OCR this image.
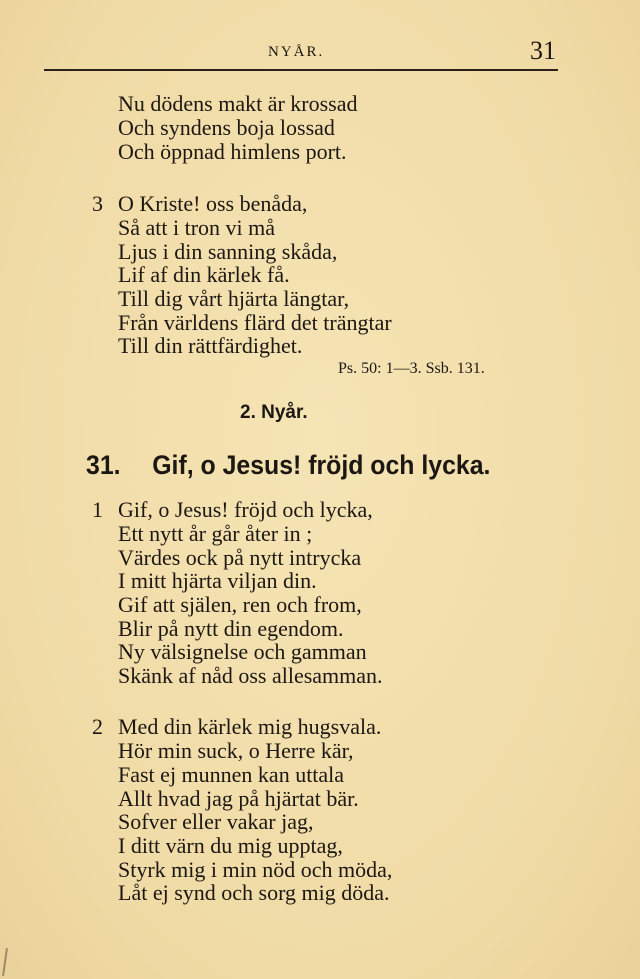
NYÅR.	31
Nu dödens makt är krossad
Och syndens boja lossad
Och öppnad himlens port.
3 O Kriste! oss benåda,
Så att i tron vi må
Ljus i din sanning skåda,
Lif af din kärlek få.
Till dig vårt hjärta längtar,
Från världens flärd det trängtar
Till din rättfärdighet.
Ps. 50: 1—3. Ssb. 131.
2. Nyår.
31. Gif, o Jesus! fröjd och lycka.
1 Gif, o Jesus! fröjd och lycka,
Ett nytt år går åter in ;
Värdes ock på nytt intrycka
I mitt hjärta viljan din.
Gif att själen, ren och from,
Blir på nytt din egendom.
Ny välsignelse och gamman
Skänk af nåd oss allesamman.
2 Med din kärlek mig hugsvala.
Hör min suck, o Herre kär,
Fast ej munnen kan uttala
Allt hvad jag på hjärtat bär.
Sofver eller vakar jag,
I ditt värn du mig upptag,
Styrk mig i min nöd och möda,
Låt ej synd och sorg mig döda.
